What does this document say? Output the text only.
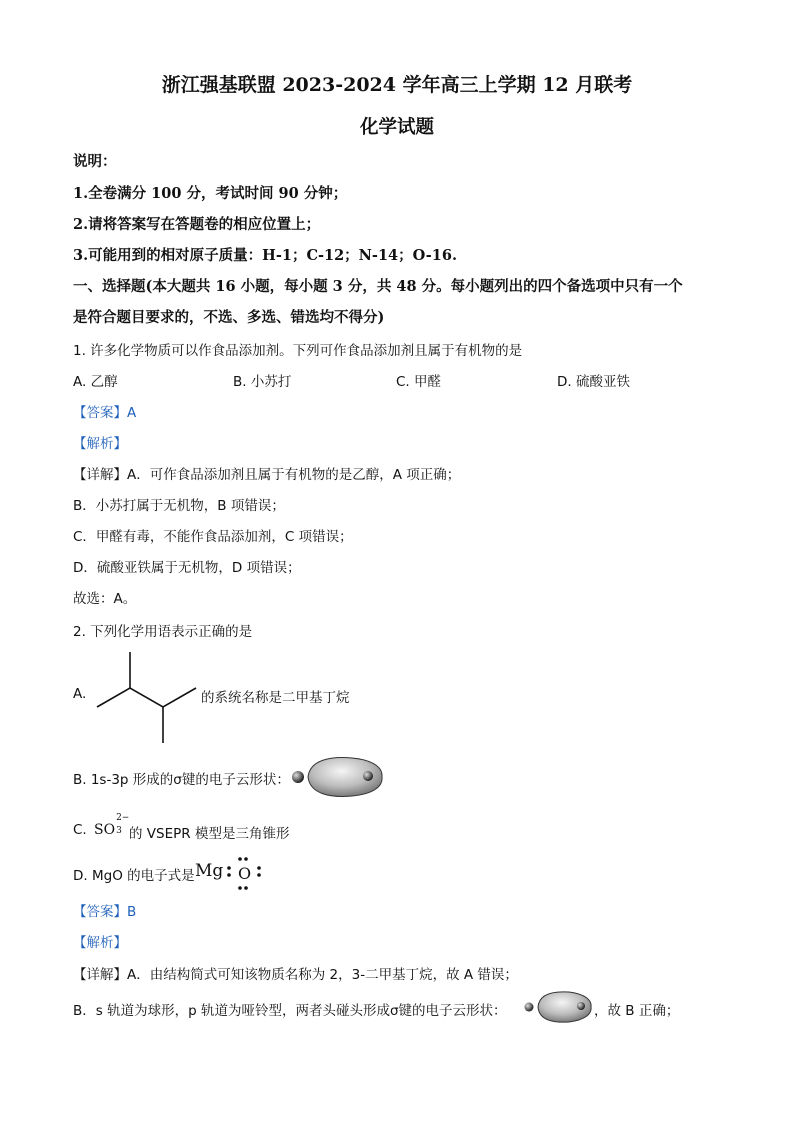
浙江强基联盟 2023-2024 学年高三上学期 12 月联考
化学试题
说明：
1.全卷满分 100 分，考试时间 90 分钟；
2.请将答案写在答题卷的相应位置上；
3.可能用到的相对原子质量：H-1；C-12；N-14；O-16.
一、选择题(本大题共 16 小题，每小题 3 分，共 48 分。每小题列出的四个备选项中只有一个
是符合题目要求的，不选、多选、错选均不得分)
1. 许多化学物质可以作食品添加剂。下列可作食品添加剂且属于有机物的是
A. 乙醇	B. 小苏打	C. 甲醛	D. 硫酸亚铁
【答案】A
【解析】
【详解】A．可作食品添加剂且属于有机物的是乙醇，A 项正确；
B．小苏打属于无机物，B 项错误；
C．甲醛有毒，不能作食品添加剂，C 项错误；
D．硫酸亚铁属于无机物，D 项错误；
故选：A。
2. 下列化学用语表示正确的是
A.	的系统名称是二甲基丁烷
B. 1s-3p 形成的σ键的电子云形状：
C. SO
2−
3 的 VSEPR 模型是三角锥形
D. MgO 的电子式是 Mg O
【答案】B
【解析】
【详解】A．由结构简式可知该物质名称为 2，3-二甲基丁烷，故 A 错误；
B．s 轨道为球形，p 轨道为哑铃型，两者头碰头形成σ键的电子云形状：	，故 B 正确；
